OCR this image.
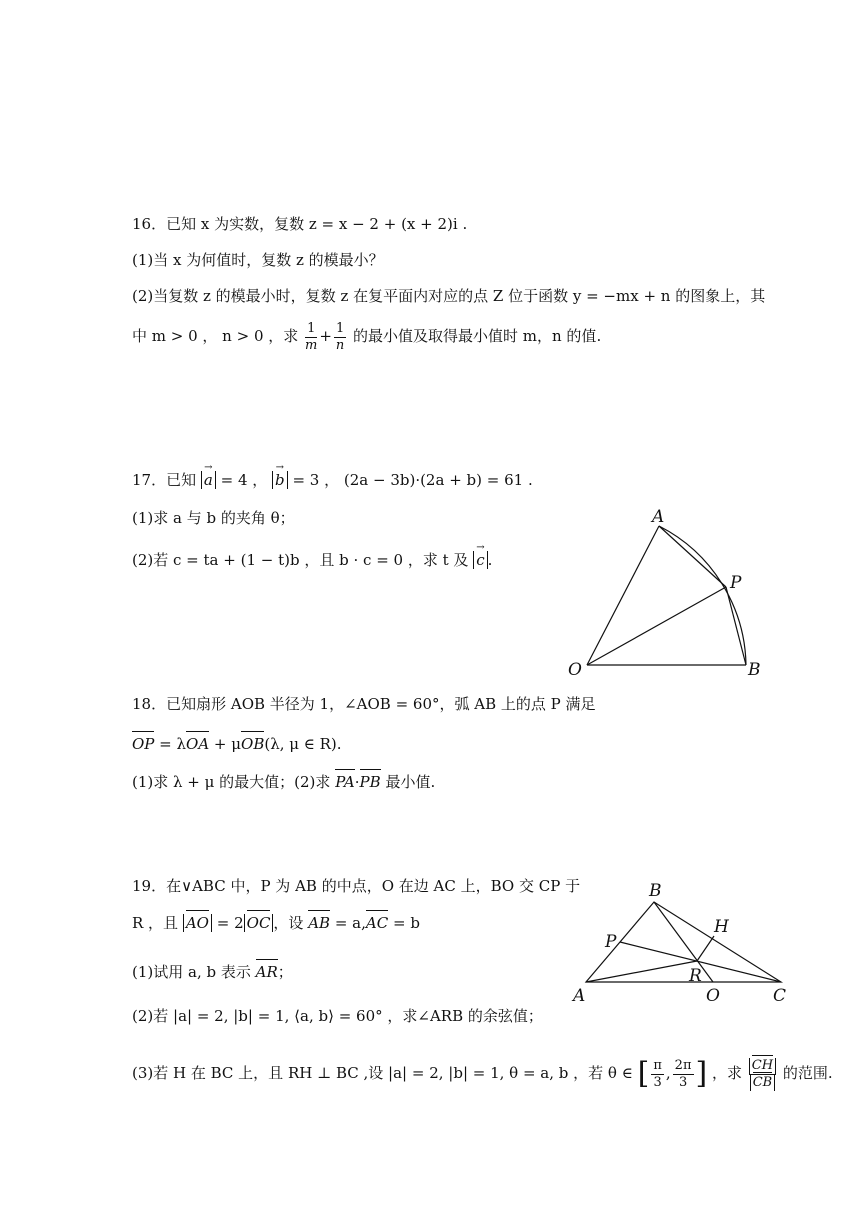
16．已知 x 为实数，复数 z = x − 2 + (x + 2)i .
(1)当 x 为何值时，复数 z 的模最小？
(2)当复数 z 的模最小时，复数 z 在复平面内对应的点 Z 位于函数 y = −mx + n 的图象上，其
中 m > 0 ， n > 0 ，求 $\frac{1}{m} + \frac{1}{n}$ 的最小值及取得最小值时 m，n 的值.
17．已知 → a = 4 ， → b = 3 ， (2a − 3b)·(2a + b) = 61 .
(1)求 a 与 b 的夹角 θ；
(2)若 c = ta + (1 − t)b ，且 b · c = 0 ，求 t 及 → c .
A
P
O	B
18．已知扇形 AOB 半径为 1，∠AOB = 60°，弧 AB 上的点 P 满足
OP = λOA + μOB(λ, μ ∈ R).
(1)求 λ + μ 的最大值；(2)求 PA·PB 最小值.
19．在∨ABC 中，P 为 AB 的中点，O 在边 AC 上，BO 交 CP 于
R ，且 AO = 2 OC ，设 AB = a,AC = b
(1)试用 a, b 表示 AR；
(2)若 |a| = 2, |b| = 1, ⟨a, b⟩ = 60° ，求∠ARB 的余弦值；
(3)若 H 在 BC 上，且 RH ⊥ BC ,设 |a| = 2, |b| = 1, θ = a, b ，若 θ ∈ [ $\frac{\pi}{3}$ , $\frac{2\pi}{3}$ ] ，求 $\frac{CH}{CB}$ 的范围.
B
H
P
R
A	O	C
